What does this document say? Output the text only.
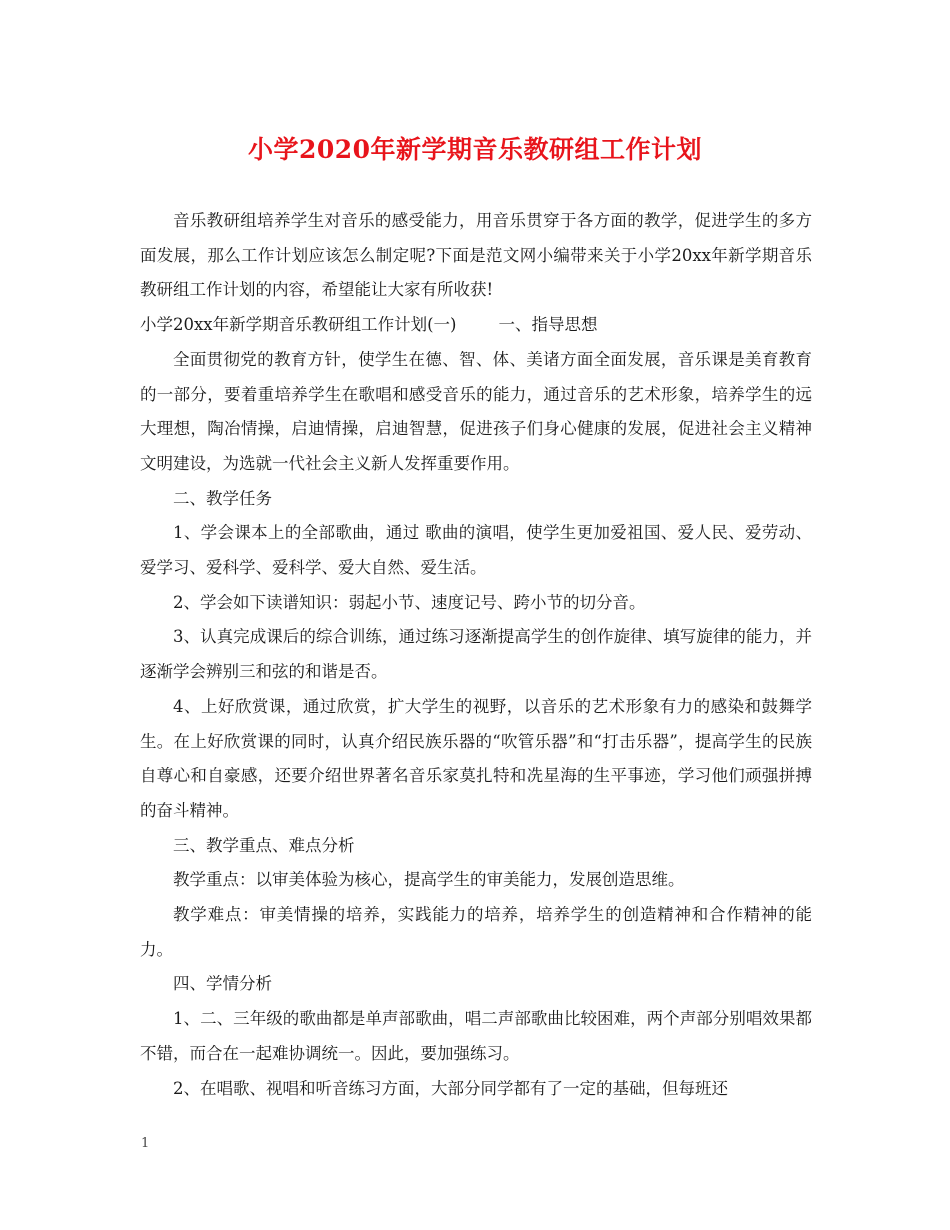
小学2020年新学期音乐教研组工作计划

音乐教研组培养学生对音乐的感受能力，用音乐贯穿于各方面的教学，促进学生的多方面发展，那么工作计划应该怎么制定呢?下面是范文网小编带来关于小学20xx年新学期音乐教研组工作计划的内容，希望能让大家有所收获!

小学20xx年新学期音乐教研组工作计划(一)	一、指导思想

全面贯彻党的教育方针，使学生在德、智、体、美诸方面全面发展，音乐课是美育教育的一部分，要着重培养学生在歌唱和感受音乐的能力，通过音乐的艺术形象，培养学生的远大理想，陶冶情操，启迪情操，启迪智慧，促进孩子们身心健康的发展，促进社会主义精神文明建设，为选就一代社会主义新人发挥重要作用。

二、教学任务

1、学会课本上的全部歌曲，通过 歌曲的演唱，使学生更加爱祖国、爱人民、爱劳动、爱学习、爱科学、爱科学、爱大自然、爱生活。

2、学会如下读谱知识：弱起小节、速度记号、跨小节的切分音。

3、认真完成课后的综合训练，通过练习逐渐提高学生的创作旋律、填写旋律的能力，并逐渐学会辨别三和弦的和谐是否。

4、上好欣赏课，通过欣赏，扩大学生的视野，以音乐的艺术形象有力的感染和鼓舞学生。在上好欣赏课的同时，认真介绍民族乐器的“吹管乐器”和“打击乐器”，提高学生的民族自尊心和自豪感，还要介绍世界著名音乐家莫扎特和冼星海的生平事迹，学习他们顽强拼搏的奋斗精神。

三、教学重点、难点分析

教学重点：以审美体验为核心，提高学生的审美能力，发展创造思维。

教学难点：审美情操的培养，实践能力的培养，培养学生的创造精神和合作精神的能力。

四、学情分析

1、二、三年级的歌曲都是单声部歌曲，唱二声部歌曲比较困难，两个声部分别唱效果都不错，而合在一起难协调统一。因此，要加强练习。

2、在唱歌、视唱和听音练习方面，大部分同学都有了一定的基础，但每班还

1
